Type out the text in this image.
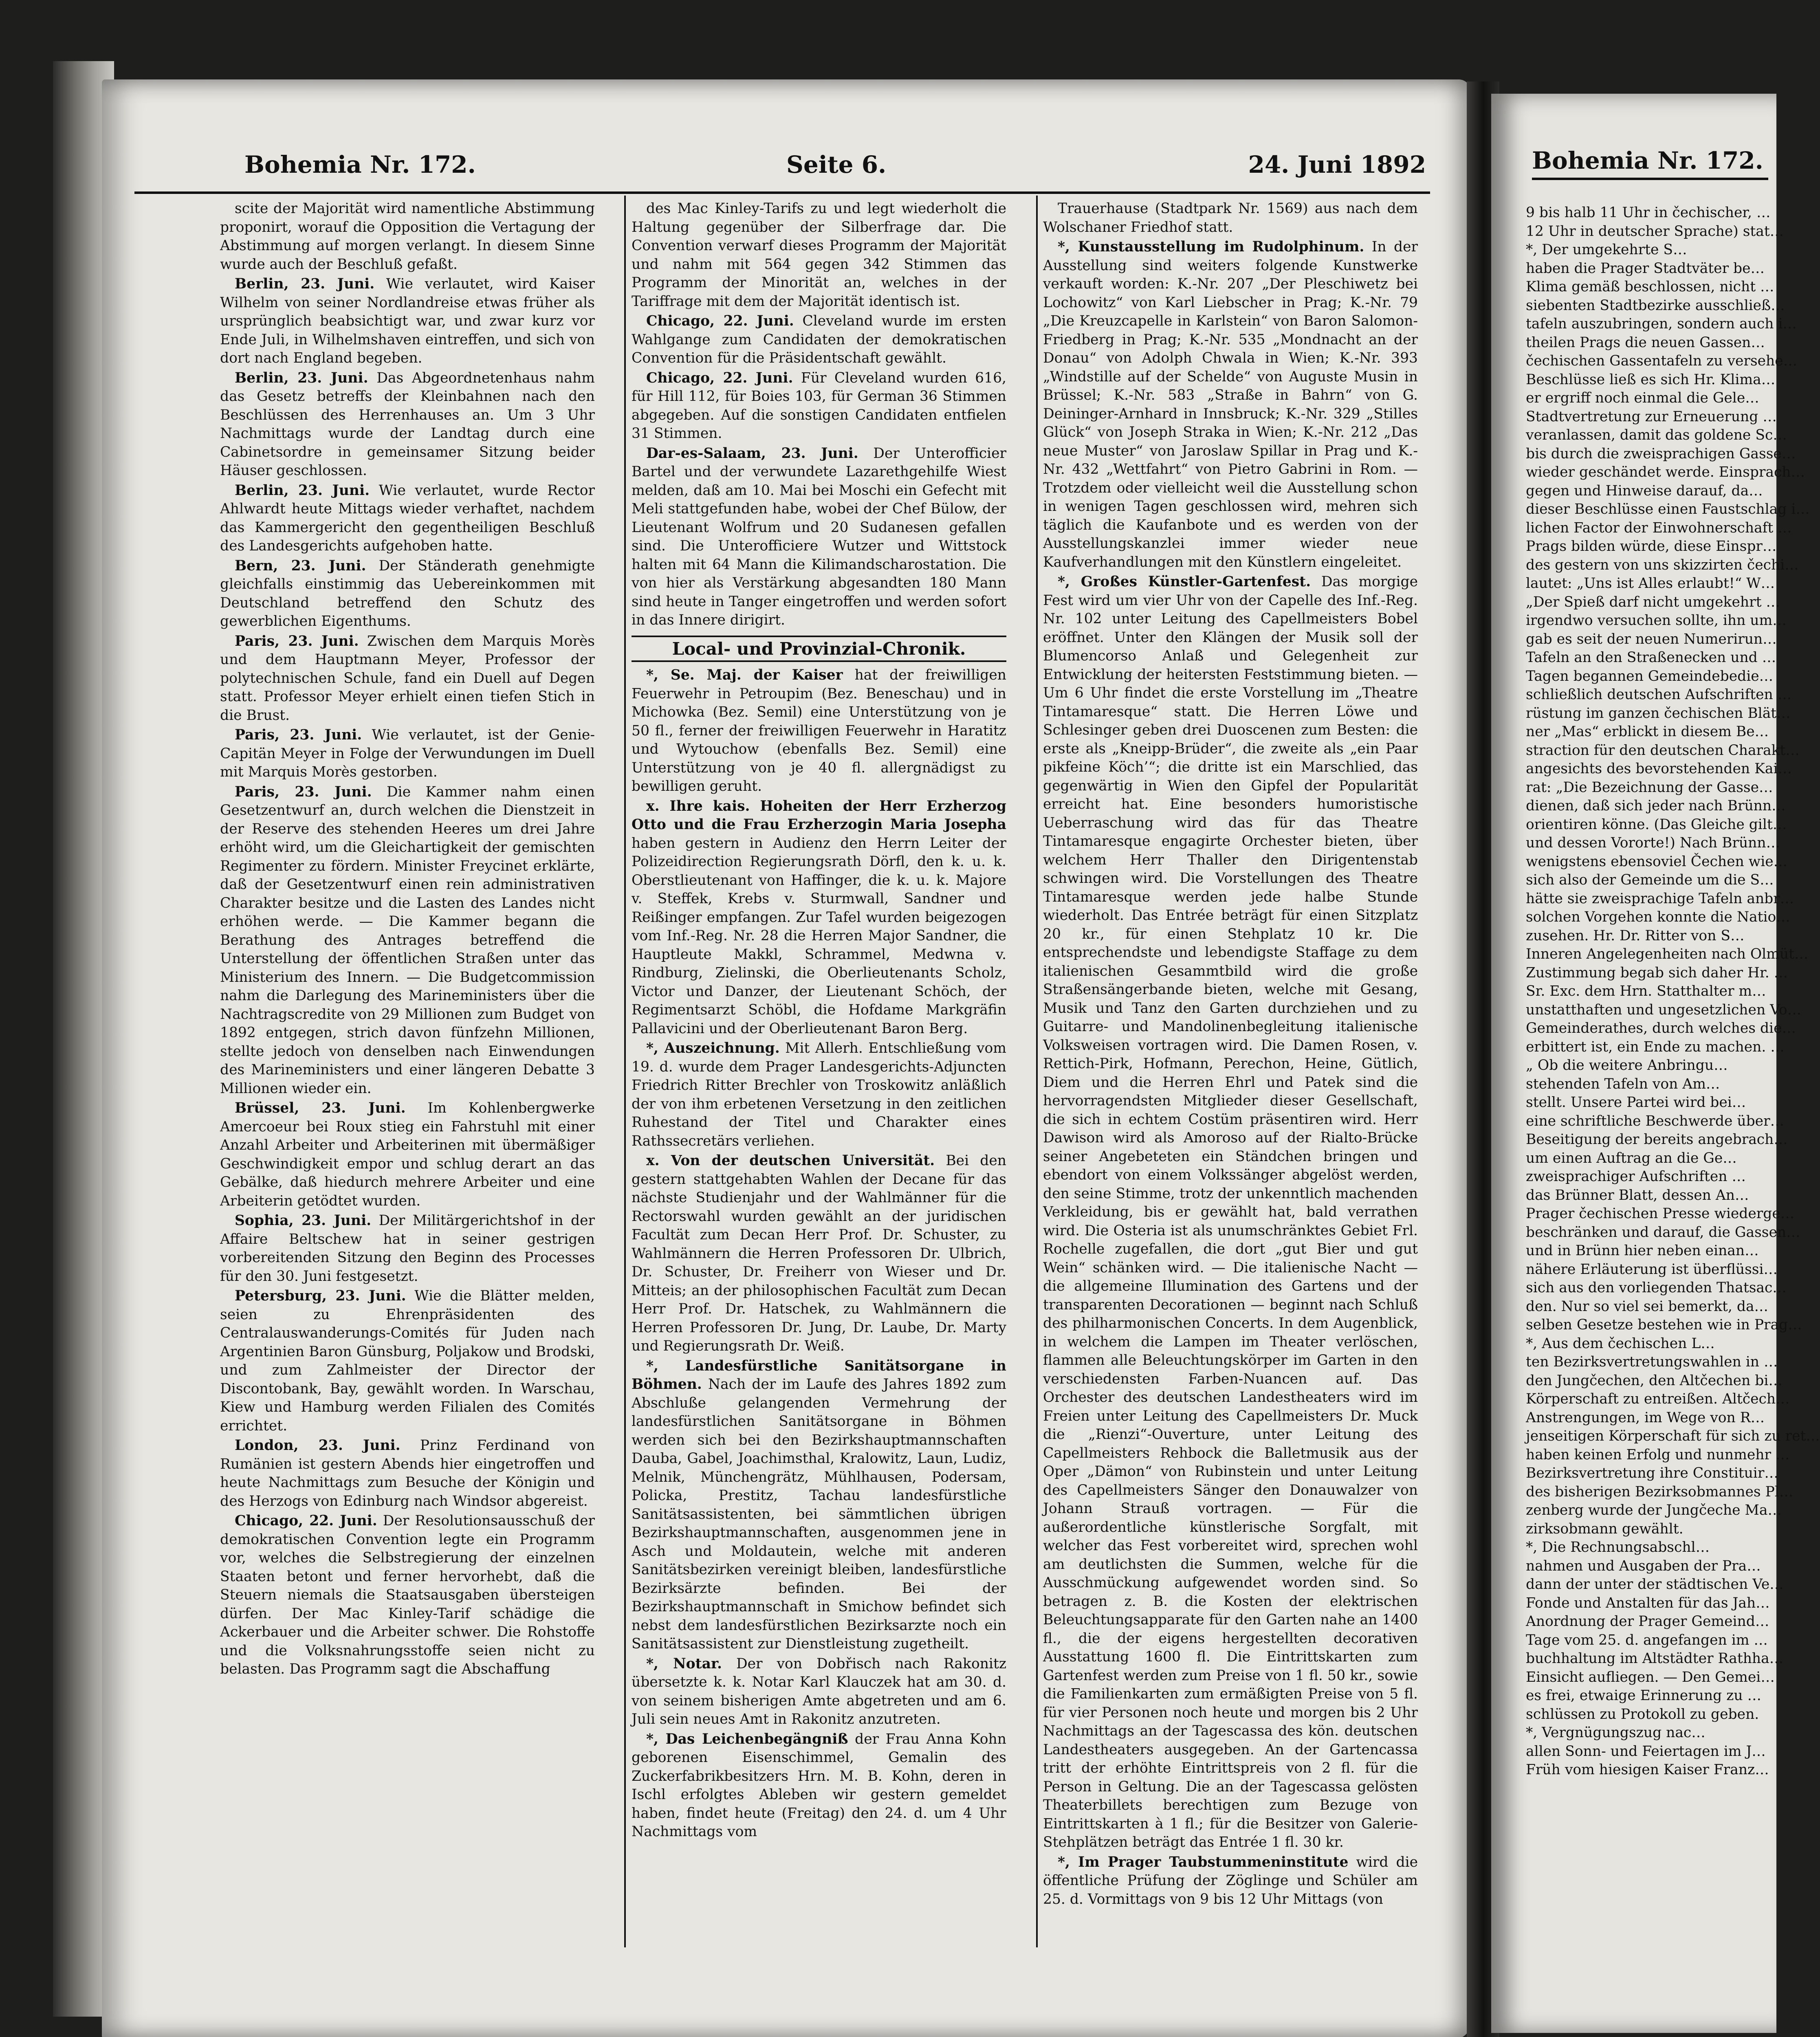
Bohemia Nr. 172.	Seite 6.	24. Juni 1892	Bohemia Nr. 172.

scite der Majorität wird namentliche Abstimmung proponirt, worauf die Opposition die Vertagung der Abstimmung auf morgen verlangt. In diesem Sinne wurde auch der Beschluß gefaßt.

Berlin, 23. Juni. Wie verlautet, wird Kaiser Wilhelm von seiner Nordlandreise etwas früher als ursprünglich beabsichtigt war, und zwar kurz vor Ende Juli, in Wilhelmshaven eintreffen, und sich von dort nach England begeben.

Berlin, 23. Juni. Das Abgeordnetenhaus nahm das Gesetz betreffs der Kleinbahnen nach den Beschlüssen des Herrenhauses an. Um 3 Uhr Nachmittags wurde der Landtag durch eine Cabinetsordre in gemeinsamer Sitzung beider Häuser geschlossen.

Berlin, 23. Juni. Wie verlautet, wurde Rector Ahlwardt heute Mittags wieder verhaftet, nachdem das Kammergericht den gegentheiligen Beschluß des Landesgerichts aufgehoben hatte.

Bern, 23. Juni. Der Ständerath genehmigte gleichfalls einstimmig das Uebereinkommen mit Deutschland betreffend den Schutz des gewerblichen Eigenthums.

Paris, 23. Juni. Zwischen dem Marquis Morès und dem Hauptmann Meyer, Professor der polytechnischen Schule, fand ein Duell auf Degen statt. Professor Meyer erhielt einen tiefen Stich in die Brust.

Paris, 23. Juni. Wie verlautet, ist der Genie-Capitän Meyer in Folge der Verwundungen im Duell mit Marquis Morès gestorben.

Paris, 23. Juni. Die Kammer nahm einen Gesetzentwurf an, durch welchen die Dienstzeit in der Reserve des stehenden Heeres um drei Jahre erhöht wird, um die Gleichartigkeit der gemischten Regimenter zu fördern. Minister Freycinet erklärte, daß der Gesetzentwurf einen rein administrativen Charakter besitze und die Lasten des Landes nicht erhöhen werde. — Die Kammer begann die Berathung des Antrages betreffend die Unterstellung der öffentlichen Straßen unter das Ministerium des Innern. — Die Budgetcommission nahm die Darlegung des Marineministers über die Nachtragscredite von 29 Millionen zum Budget von 1892 entgegen, strich davon fünfzehn Millionen, stellte jedoch von denselben nach Einwendungen des Marineministers und einer längeren Debatte 3 Millionen wieder ein.

Brüssel, 23. Juni. Im Kohlenbergwerke Amercoeur bei Roux stieg ein Fahrstuhl mit einer Anzahl Arbeiter und Arbeiterinen mit übermäßiger Geschwindigkeit empor und schlug derart an das Gebälke, daß hiedurch mehrere Arbeiter und eine Arbeiterin getödtet wurden.

Sophia, 23. Juni. Der Militärgerichtshof in der Affaire Beltschew hat in seiner gestrigen vorbereitenden Sitzung den Beginn des Processes für den 30. Juni festgesetzt.

Petersburg, 23. Juni. Wie die Blätter melden, seien zu Ehrenpräsidenten des Centralauswanderungs-Comités für Juden nach Argentinien Baron Günsburg, Poljakow und Brodski, und zum Zahlmeister der Director der Discontobank, Bay, gewählt worden. In Warschau, Kiew und Hamburg werden Filialen des Comités errichtet.

London, 23. Juni. Prinz Ferdinand von Rumänien ist gestern Abends hier eingetroffen und heute Nachmittags zum Besuche der Königin und des Herzogs von Edinburg nach Windsor abgereist.

Chicago, 22. Juni. Der Resolutionsausschuß der demokratischen Convention legte ein Programm vor, welches die Selbstregierung der einzelnen Staaten betont und ferner hervorhebt, daß die Steuern niemals die Staatsausgaben übersteigen dürfen. Der Mac Kinley-Tarif schädige die Ackerbauer und die Arbeiter schwer. Die Rohstoffe und die Volksnahrungsstoffe seien nicht zu belasten. Das Programm sagt die Abschaffung

des Mac Kinley-Tarifs zu und legt wiederholt die Haltung gegenüber der Silberfrage dar. Die Convention verwarf dieses Programm der Majorität und nahm mit 564 gegen 342 Stimmen das Programm der Minorität an, welches in der Tariffrage mit dem der Majorität identisch ist.

Chicago, 22. Juni. Cleveland wurde im ersten Wahlgange zum Candidaten der demokratischen Convention für die Präsidentschaft gewählt.

Chicago, 22. Juni. Für Cleveland wurden 616, für Hill 112, für Boies 103, für German 36 Stimmen abgegeben. Auf die sonstigen Candidaten entfielen 31 Stimmen.

Dar-es-Salaam, 23. Juni. Der Unterofficier Bartel und der verwundete Lazarethgehilfe Wiest melden, daß am 10. Mai bei Moschi ein Gefecht mit Meli stattgefunden habe, wobei der Chef Bülow, der Lieutenant Wolfrum und 20 Sudanesen gefallen sind. Die Unterofficiere Wutzer und Wittstock halten mit 64 Mann die Kilimandscharostation. Die von hier als Verstärkung abgesandten 180 Mann sind heute in Tanger eingetroffen und werden sofort in das Innere dirigirt.

Local- und Provinzial-Chronik.

*, Se. Maj. der Kaiser hat der freiwilligen Feuerwehr in Petroupim (Bez. Beneschau) und in Michowka (Bez. Semil) eine Unterstützung von je 50 fl., ferner der freiwilligen Feuerwehr in Haratitz und Wytouchow (ebenfalls Bez. Semil) eine Unterstützung von je 40 fl. allergnädigst zu bewilligen geruht.

x. Ihre kais. Hoheiten der Herr Erzherzog Otto und die Frau Erzherzogin Maria Josepha haben gestern in Audienz den Herrn Leiter der Polizeidirection Regierungsrath Dörfl, den k. u. k. Oberstlieutenant von Haffinger, die k. u. k. Majore v. Steffek, Krebs v. Sturmwall, Sandner und Reißinger empfangen. Zur Tafel wurden beigezogen vom Inf.-Reg. Nr. 28 die Herren Major Sandner, die Hauptleute Makkl, Schrammel, Medwna v. Rindburg, Zielinski, die Oberlieutenants Scholz, Victor und Danzer, der Lieutenant Schöch, der Regimentsarzt Schöbl, die Hofdame Markgräfin Pallavicini und der Oberlieutenant Baron Berg.

*, Auszeichnung. Mit Allerh. Entschließung vom 19. d. wurde dem Prager Landesgerichts-Adjuncten Friedrich Ritter Brechler von Troskowitz anläßlich der von ihm erbetenen Versetzung in den zeitlichen Ruhestand der Titel und Charakter eines Rathssecretärs verliehen.

x. Von der deutschen Universität. Bei den gestern stattgehabten Wahlen der Decane für das nächste Studienjahr und der Wahlmänner für die Rectorswahl wurden gewählt an der juridischen Facultät zum Decan Herr Prof. Dr. Schuster, zu Wahlmännern die Herren Professoren Dr. Ulbrich, Dr. Schuster, Dr. Freiherr von Wieser und Dr. Mitteis; an der philosophischen Facultät zum Decan Herr Prof. Dr. Hatschek, zu Wahlmännern die Herren Professoren Dr. Jung, Dr. Laube, Dr. Marty und Regierungsrath Dr. Weiß.

*, Landesfürstliche Sanitätsorgane in Böhmen. Nach der im Laufe des Jahres 1892 zum Abschluße gelangenden Vermehrung der landesfürstlichen Sanitätsorgane in Böhmen werden sich bei den Bezirkshauptmannschaften Dauba, Gabel, Joachimsthal, Kralowitz, Laun, Ludiz, Melnik, Münchengrätz, Mühlhausen, Podersam, Policka, Prestitz, Tachau landesfürstliche Sanitätsassistenten, bei sämmtlichen übrigen Bezirkshauptmannschaften, ausgenommen jene in Asch und Moldautein, welche mit anderen Sanitätsbezirken vereinigt bleiben, landesfürstliche Bezirksärzte befinden. Bei der Bezirkshauptmannschaft in Smichow befindet sich nebst dem landesfürstlichen Bezirksarzte noch ein Sanitätsassistent zur Dienstleistung zugetheilt.

*, Notar. Der von Dobřisch nach Rakonitz übersetzte k. k. Notar Karl Klauczek hat am 30. d. von seinem bisherigen Amte abgetreten und am 6. Juli sein neues Amt in Rakonitz anzutreten.

*, Das Leichenbegängniß der Frau Anna Kohn geborenen Eisenschimmel, Gemalin des Zuckerfabrikbesitzers Hrn. M. B. Kohn, deren in Ischl erfolgtes Ableben wir gestern gemeldet haben, findet heute (Freitag) den 24. d. um 4 Uhr Nachmittags vom

Trauerhause (Stadtpark Nr. 1569) aus nach dem Wolschaner Friedhof statt.

*, Kunstausstellung im Rudolphinum. In der Ausstellung sind weiters folgende Kunstwerke verkauft worden: K.-Nr. 207 „Der Pleschiwetz bei Lochowitz“ von Karl Liebscher in Prag; K.-Nr. 79 „Die Kreuzcapelle in Karlstein“ von Baron Salomon-Friedberg in Prag; K.-Nr. 535 „Mondnacht an der Donau“ von Adolph Chwala in Wien; K.-Nr. 393 „Windstille auf der Schelde“ von Auguste Musin in Brüssel; K.-Nr. 583 „Straße in Bahrn“ von G. Deininger-Arnhard in Innsbruck; K.-Nr. 329 „Stilles Glück“ von Joseph Straka in Wien; K.-Nr. 212 „Das neue Muster“ von Jaroslaw Spillar in Prag und K.-Nr. 432 „Wettfahrt“ von Pietro Gabrini in Rom. — Trotzdem oder vielleicht weil die Ausstellung schon in wenigen Tagen geschlossen wird, mehren sich täglich die Kaufanbote und es werden von der Ausstellungskanzlei immer wieder neue Kaufverhandlungen mit den Künstlern eingeleitet.

*, Großes Künstler-Gartenfest. Das morgige Fest wird um vier Uhr von der Capelle des Inf.-Reg. Nr. 102 unter Leitung des Capellmeisters Bobel eröffnet. Unter den Klängen der Musik soll der Blumencorso Anlaß und Gelegenheit zur Entwicklung der heitersten Feststimmung bieten. — Um 6 Uhr findet die erste Vorstellung im „Theatre Tintamaresque“ statt. Die Herren Löwe und Schlesinger geben drei Duoscenen zum Besten: die erste als „Kneipp-Brüder“, die zweite als „ein Paar pikfeine Köch’“; die dritte ist ein Marschlied, das gegenwärtig in Wien den Gipfel der Popularität erreicht hat. Eine besonders humoristische Ueberraschung wird das für das Theatre Tintamaresque engagirte Orchester bieten, über welchem Herr Thaller den Dirigentenstab schwingen wird. Die Vorstellungen des Theatre Tintamaresque werden jede halbe Stunde wiederholt. Das Entrée beträgt für einen Sitzplatz 20 kr., für einen Stehplatz 10 kr. Die entsprechendste und lebendigste Staffage zu dem italienischen Gesammtbild wird die große Straßensängerbande bieten, welche mit Gesang, Musik und Tanz den Garten durchziehen und zu Guitarre- und Mandolinenbegleitung italienische Volksweisen vortragen wird. Die Damen Rosen, v. Rettich-Pirk, Hofmann, Perechon, Heine, Gütlich, Diem und die Herren Ehrl und Patek sind die hervorragendsten Mitglieder dieser Gesellschaft, die sich in echtem Costüm präsentiren wird. Herr Dawison wird als Amoroso auf der Rialto-Brücke seiner Angebeteten ein Ständchen bringen und ebendort von einem Volkssänger abgelöst werden, den seine Stimme, trotz der unkenntlich machenden Verkleidung, bis er gewählt hat, bald verrathen wird. Die Osteria ist als unumschränktes Gebiet Frl. Rochelle zugefallen, die dort „gut Bier und gut Wein“ schänken wird. — Die italienische Nacht — die allgemeine Illumination des Gartens und der transparenten Decorationen — beginnt nach Schluß des philharmonischen Concerts. In dem Augenblick, in welchem die Lampen im Theater verlöschen, flammen alle Beleuchtungskörper im Garten in den verschiedensten Farben-Nuancen auf. Das Orchester des deutschen Landestheaters wird im Freien unter Leitung des Capellmeisters Dr. Muck die „Rienzi“-Ouverture, unter Leitung des Capellmeisters Rehbock die Balletmusik aus der Oper „Dämon“ von Rubinstein und unter Leitung des Capellmeisters Sänger den Donauwalzer von Johann Strauß vortragen. — Für die außerordentliche künstlerische Sorgfalt, mit welcher das Fest vorbereitet wird, sprechen wohl am deutlichsten die Summen, welche für die Ausschmückung aufgewendet worden sind. So betragen z. B. die Kosten der elektrischen Beleuchtungsapparate für den Garten nahe an 1400 fl., die der eigens hergestellten decorativen Ausstattung 1600 fl. Die Eintrittskarten zum Gartenfest werden zum Preise von 1 fl. 50 kr., sowie die Familienkarten zum ermäßigten Preise von 5 fl. für vier Personen noch heute und morgen bis 2 Uhr Nachmittags an der Tagescassa des kön. deutschen Landestheaters ausgegeben. An der Gartencassa tritt der erhöhte Eintrittspreis von 2 fl. für die Person in Geltung. Die an der Tagescassa gelösten Theaterbillets berechtigen zum Bezuge von Eintrittskarten à 1 fl.; für die Besitzer von Galerie-Stehplätzen beträgt das Entrée 1 fl. 30 kr.

*, Im Prager Taubstummeninstitute wird die öffentliche Prüfung der Zöglinge und Schüler am 25. d. Vormittags von 9 bis 12 Uhr Mittags (von

9 bis halb 11 Uhr in čechischer, …
12 Uhr in deutscher Sprache) stat…
*, Der umgekehrte S…
haben die Prager Stadtväter be…
Klima gemäß beschlossen, nicht …
siebenten Stadtbezirke ausschließ…
tafeln auszubringen, sondern auch i…
theilen Prags die neuen Gassen…
čechischen Gassentafeln zu versehe…
Beschlüsse ließ es sich Hr. Klima…
er ergriff noch einmal die Gele…
Stadtvertretung zur Erneuerung …
veranlassen, damit das goldene Sc…
bis durch die zweisprachigen Gasse…
wieder geschändet werde. Einsprach…
gegen und Hinweise darauf, da…
dieser Beschlüsse einen Faustschlag i…
lichen Factor der Einwohnerschaft …
Prags bilden würde, diese Einspr…
des gestern von uns skizzirten čechi…
lautet: „Uns ist Alles erlaubt!“ W…
„Der Spieß darf nicht umgekehrt …
irgendwo versuchen sollte, ihn um…
gab es seit der neuen Numerirun…
Tafeln an den Straßenecken und …
Tagen begannen Gemeindebedie…
schließlich deutschen Aufschriften …
rüstung im ganzen čechischen Blät…
ner „Mas“ erblickt in diesem Be…
straction für den deutschen Charakt…
angesichts des bevorstehenden Kai…
rat: „Die Bezeichnung der Gasse…
dienen, daß sich jeder nach Brünn…
orientiren könne. (Das Gleiche gilt…
und dessen Vororte!) Nach Brünn…
wenigstens ebensoviel Čechen wie…
sich also der Gemeinde um die S…
hätte sie zweisprachige Tafeln anbr…
solchen Vorgehen konnte die Natio…
zusehen. Hr. Dr. Ritter von S…
Inneren Angelegenheiten nach Olmüt…
Zustimmung begab sich daher Hr. …
Sr. Exc. dem Hrn. Statthalter m…
unstatthaften und ungesetzlichen Vo…
Gemeinderathes, durch welches die…
erbittert ist, ein Ende zu machen. …
„ Ob die weitere Anbringu…
stehenden Tafeln von Am…
stellt. Unsere Partei wird bei…
eine schriftliche Beschwerde über…
Beseitigung der bereits angebrach…
um einen Auftrag an die Ge…
zweisprachiger Aufschriften …
das Brünner Blatt, dessen An…
Prager čechischen Presse wiederge…
beschränken und darauf, die Gassen…
und in Brünn hier neben einan…
nähere Erläuterung ist überflüssi…
sich aus den vorliegenden Thatsac…
den. Nur so viel sei bemerkt, da…
selben Gesetze bestehen wie in Prag…
*, Aus dem čechischen L…
ten Bezirksvertretungswahlen in …
den Jungčechen, den Altčechen bi…
Körperschaft zu entreißen. Altčech…
Anstrengungen, im Wege von R…
jenseitigen Körperschaft für sich zu ret…
haben keinen Erfolg und nunmehr …
Bezirksvertretung ihre Constituir…
des bisherigen Bezirksobmannes Pl…
zenberg wurde der Jungčeche Ma…
zirksobmann gewählt.
*, Die Rechnungsabschl…
nahmen und Ausgaben der Pra…
dann der unter der städtischen Ve…
Fonde und Anstalten für das Jah…
Anordnung der Prager Gemeind…
Tage vom 25. d. angefangen im …
buchhaltung im Altstädter Rathha…
Einsicht aufliegen. — Den Gemei…
es frei, etwaige Erinnerung zu …
schlüssen zu Protokoll zu geben.
*, Vergnügungszug nac…
allen Sonn- und Feiertagen im J…
Früh vom hiesigen Kaiser Franz…
